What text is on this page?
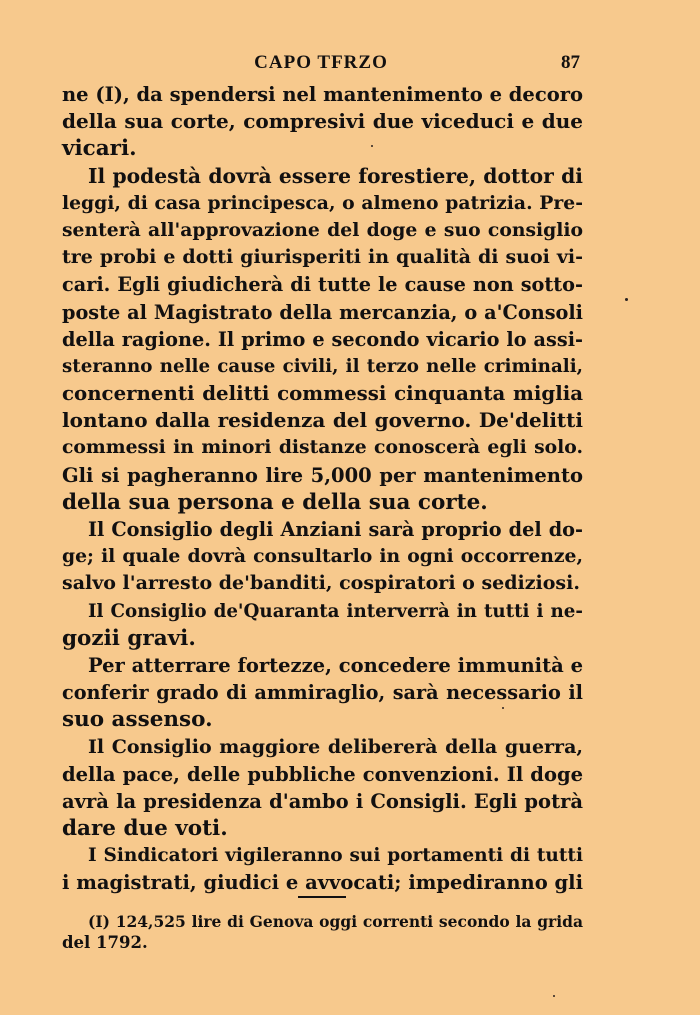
CAPO TFRZO	87
ne (I), da spendersi nel mantenimento e decoro
della sua corte, compresivi due viceduci e due
vicari.
Il podestà dovrà essere forestiere, dottor di
leggi, di casa principesca, o almeno patrizia. Pre-
senterà all'approvazione del doge e suo consiglio
tre probi e dotti giurisperiti in qualità di suoi vi-
cari. Egli giudicherà di tutte le cause non sotto-
poste al Magistrato della mercanzia, o a'Consoli
della ragione. Il primo e secondo vicario lo assi-
steranno nelle cause civili, il terzo nelle criminali,
concernenti delitti commessi cinquanta miglia
lontano dalla residenza del governo. De'delitti
commessi in minori distanze conoscerà egli solo.
Gli si pagheranno lire 5,000 per mantenimento
della sua persona e della sua corte.
Il Consiglio degli Anziani sarà proprio del do-
ge; il quale dovrà consultarlo in ogni occorrenze,
salvo l'arresto de'banditi, cospiratori o sediziosi.
Il Consiglio de'Quaranta interverrà in tutti i ne-
gozii gravi.
Per atterrare fortezze, concedere immunità e
conferir grado di ammiraglio, sarà necessario il
suo assenso.
Il Consiglio maggiore delibererà della guerra,
della pace, delle pubbliche convenzioni. Il doge
avrà la presidenza d'ambo i Consigli. Egli potrà
dare due voti.
I Sindicatori vigileranno sui portamenti di tutti
i magistrati, giudici e avvocati; impediranno gli
(I) 124,525 lire di Genova oggi correnti secondo la grida
del 1792.
